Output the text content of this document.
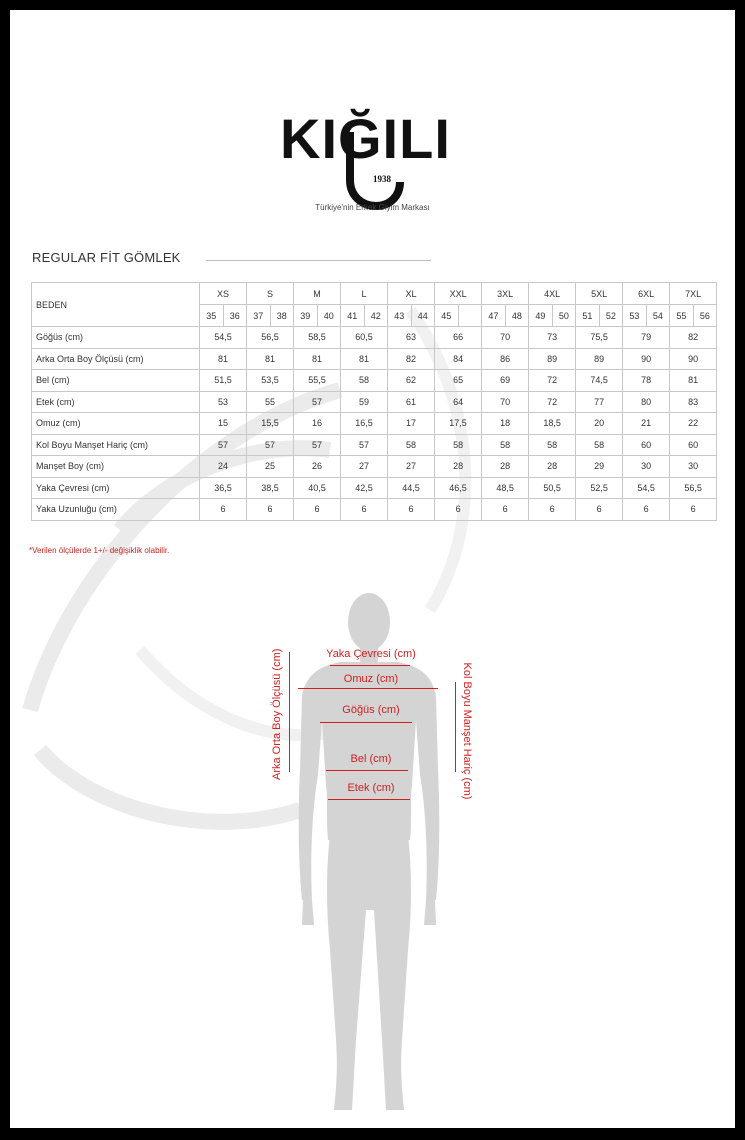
KIĞILI
1938
Türkiye'nin Erkek Giyim Markası
REGULAR FİT GÖMLEK
BEDEN	XS		S		M		L		XL		XXL		3XL		4XL		5XL		6XL		7XL	
	35	36	37	38	39	40	41	42	43	44	45		47	48	49	50	51	52	53	54	55	56
Göğüs (cm)	54,5		56,5		58,5		60,5		63		66		70		73		75,5		79		82	
Arka Orta Boy Ölçüsü (cm)	81		81		81		81		82		84		86		89		89		90		90	
Bel (cm)	51,5		53,5		55,5		58		62		65		69		72		74,5		78		81	
Etek (cm)	53		55		57		59		61		64		70		72		77		80		83	
Omuz (cm)	15		15,5		16		16,5		17		17,5		18		18,5		20		21		22	
Kol Boyu Manşet Hariç (cm)	57		57		57		57		58		58		58		58		58		60		60	
Manşet Boy (cm)	24		25		26		27		27		28		28		28		29		30		30	
Yaka Çevresi (cm)	36,5		38,5		40,5		42,5		44,5		46,5		48,5		50,5		52,5		54,5		56,5	
Yaka Uzunluğu (cm)	6		6		6		6		6		6		6		6		6		6		6	
*Verilen ölçülerde 1+/- değişiklik olabilir.
Yaka Çevresi (cm)
Omuz (cm)
Göğüs (cm)
Bel (cm)
Etek (cm)
Arka Orta Boy Ölçüsü (cm)	Kol Boyu Manşet Hariç (cm)
